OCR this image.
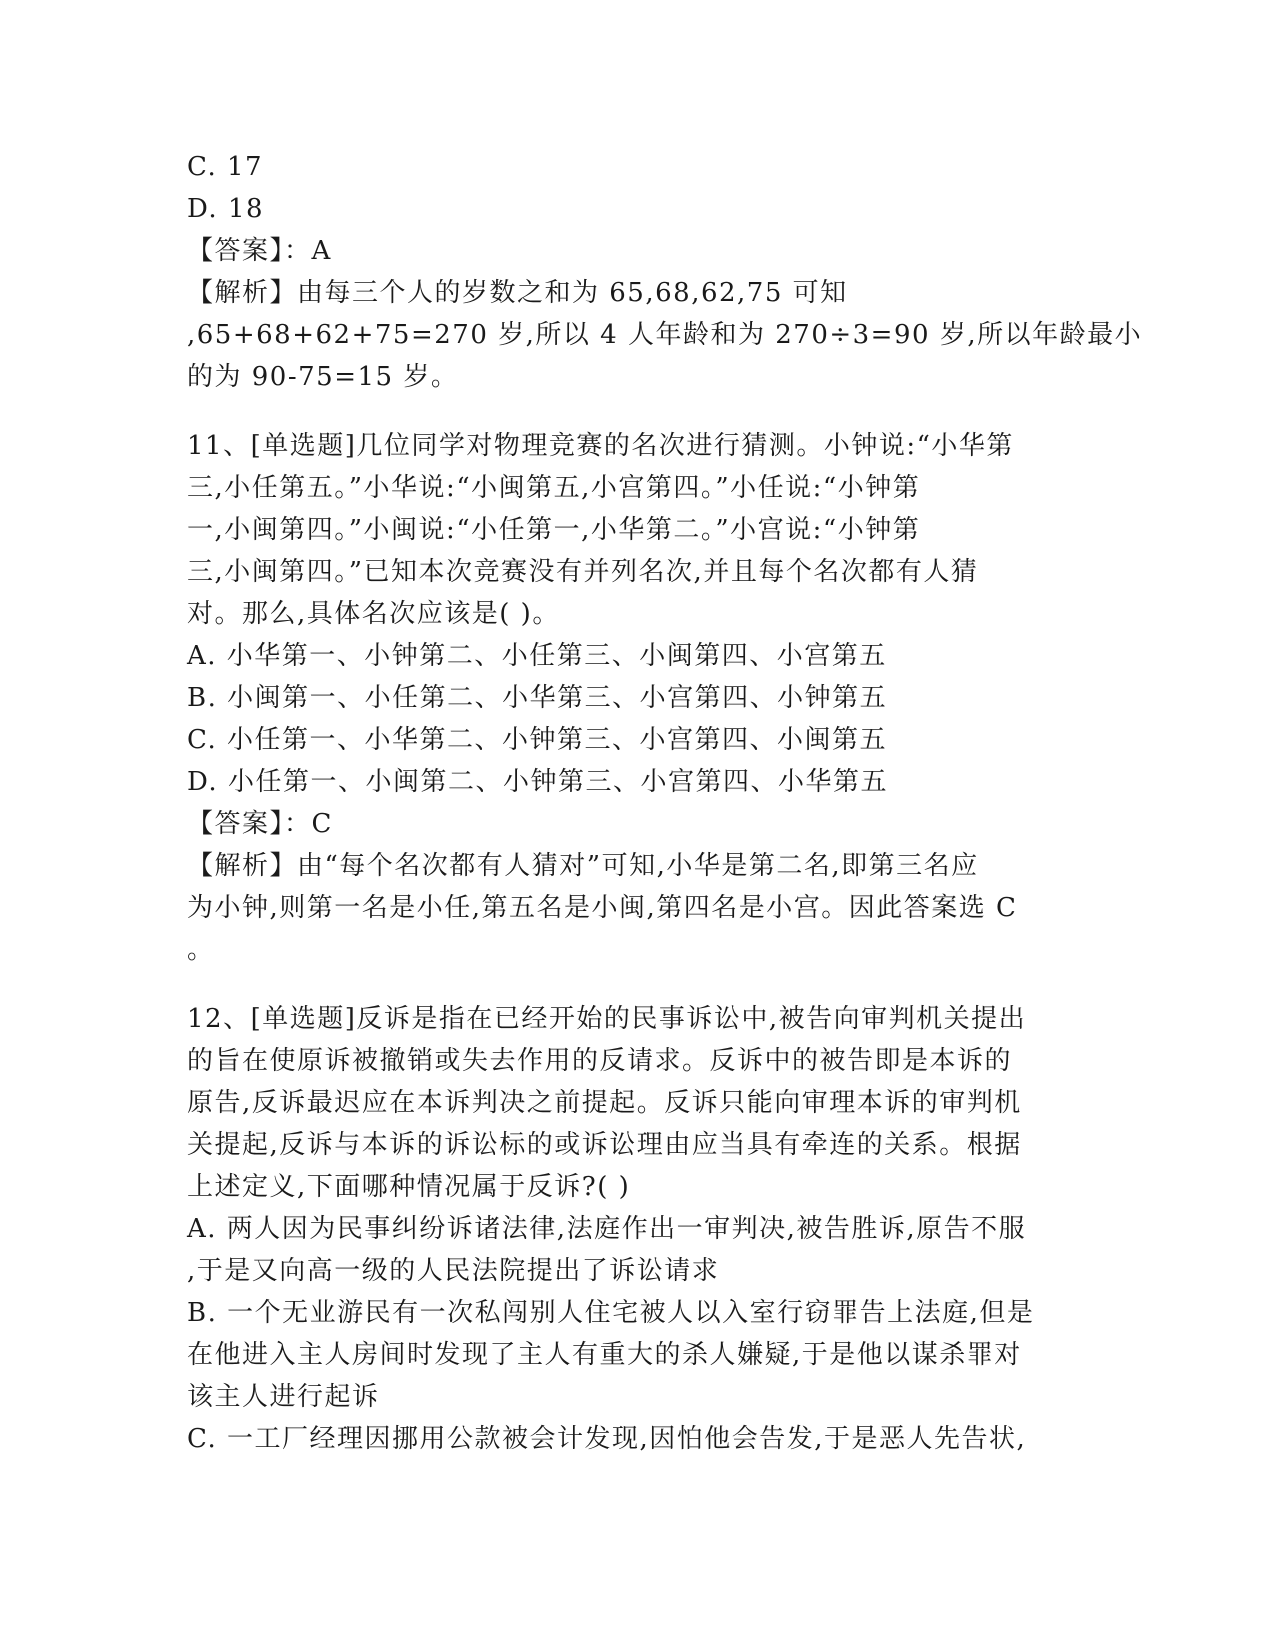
C. 17
D. 18
【答案】：A
【解析】由每三个人的岁数之和为 65,68,62,75 可知
,65+68+62+75=270 岁,所以 4 人年龄和为 270÷3=90 岁,所以年龄最小
的为 90-75=15 岁。
11、[单选题]几位同学对物理竞赛的名次进行猜测。小钟说:“小华第
三,小任第五。”小华说:“小闽第五,小宫第四。”小任说:“小钟第
一,小闽第四。”小闽说:“小任第一,小华第二。”小宫说:“小钟第
三,小闽第四。”已知本次竞赛没有并列名次,并且每个名次都有人猜
对。那么,具体名次应该是( )。
A. 小华第一、小钟第二、小任第三、小闽第四、小宫第五
B. 小闽第一、小任第二、小华第三、小宫第四、小钟第五
C. 小任第一、小华第二、小钟第三、小宫第四、小闽第五
D. 小任第一、小闽第二、小钟第三、小宫第四、小华第五
【答案】：C
【解析】由“每个名次都有人猜对”可知,小华是第二名,即第三名应
为小钟,则第一名是小任,第五名是小闽,第四名是小宫。因此答案选 C
。
12、[单选题]反诉是指在已经开始的民事诉讼中,被告向审判机关提出
的旨在使原诉被撤销或失去作用的反请求。反诉中的被告即是本诉的
原告,反诉最迟应在本诉判决之前提起。反诉只能向审理本诉的审判机
关提起,反诉与本诉的诉讼标的或诉讼理由应当具有牵连的关系。根据
上述定义,下面哪种情况属于反诉?( )
A. 两人因为民事纠纷诉诸法律,法庭作出一审判决,被告胜诉,原告不服
,于是又向高一级的人民法院提出了诉讼请求
B. 一个无业游民有一次私闯别人住宅被人以入室行窃罪告上法庭,但是
在他进入主人房间时发现了主人有重大的杀人嫌疑,于是他以谋杀罪对
该主人进行起诉
C. 一工厂经理因挪用公款被会计发现,因怕他会告发,于是恶人先告状,
